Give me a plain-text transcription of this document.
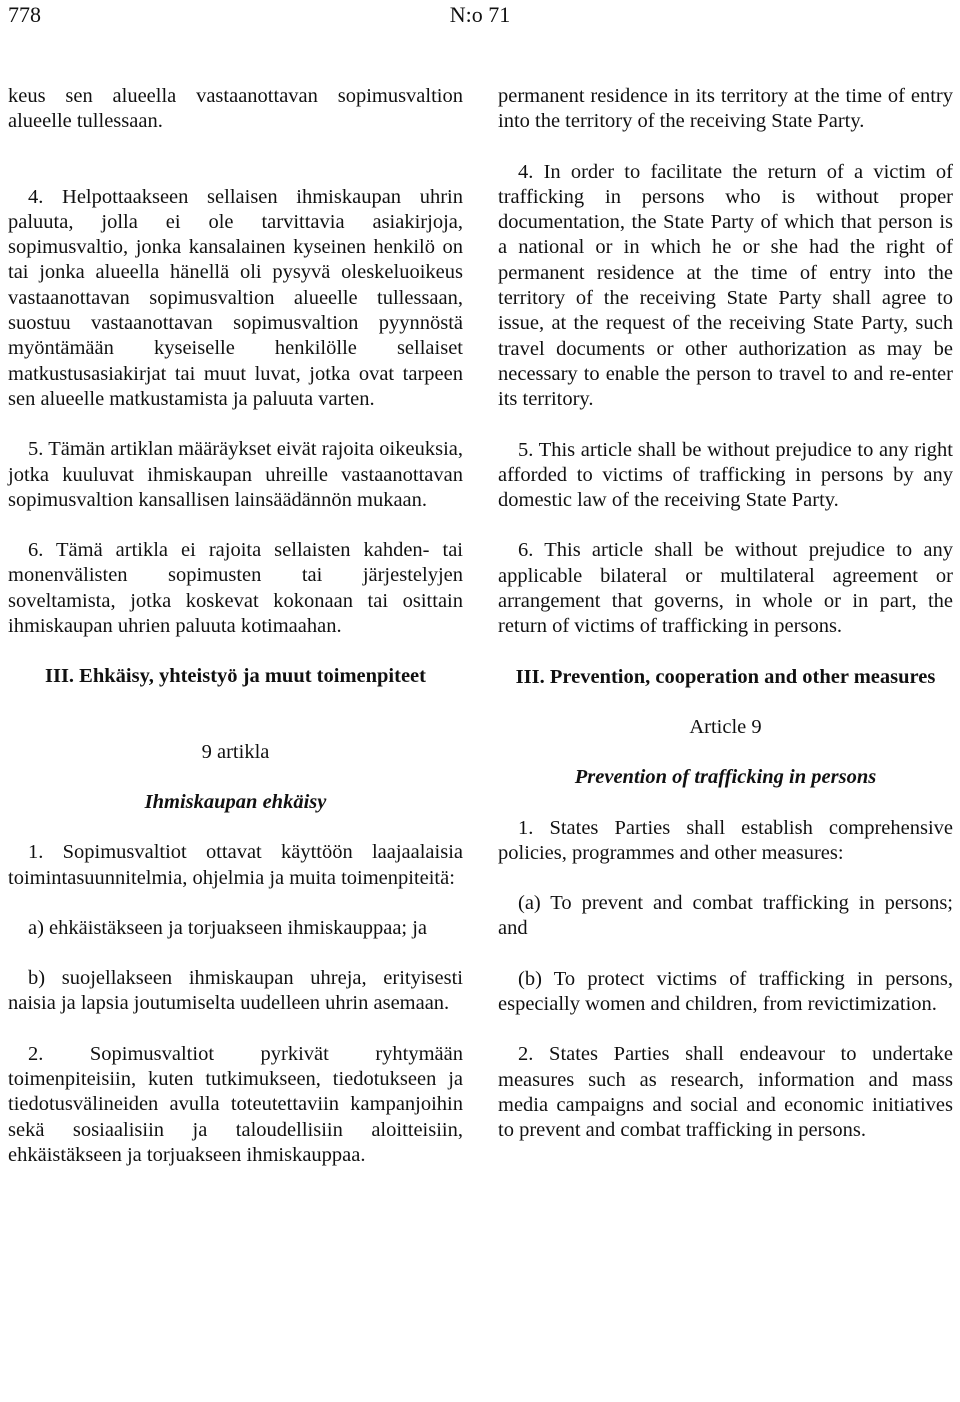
778	N:o 71

keus sen alueella vastaanottavan sopimusvaltion alueelle tullessaan.

4. Helpottaakseen sellaisen ihmiskaupan uhrin paluuta, jolla ei ole tarvittavia asiakirjoja, sopimusvaltio, jonka kansalainen kyseinen henkilö on tai jonka alueella hänellä oli pysyvä oleskeluoikeus vastaanottavan sopimusvaltion alueelle tullessaan, suostuu vastaanottavan sopimusvaltion pyynnöstä myöntämään kyseiselle henkilölle sellaiset matkustusasiakirjat tai muut luvat, jotka ovat tarpeen sen alueelle matkustamista ja paluuta varten.

5. Tämän artiklan määräykset eivät rajoita oikeuksia, jotka kuuluvat ihmiskaupan uhreille vastaanottavan sopimusvaltion kansallisen lainsäädännön mukaan.

6. Tämä artikla ei rajoita sellaisten kahden- tai monenvälisten sopimusten tai järjestelyjen soveltamista, jotka koskevat kokonaan tai osittain ihmiskaupan uhrien paluuta kotimaahan.

III. Ehkäisy, yhteistyö ja muut toimenpiteet
9 artikla
Ihmiskaupan ehkäisy

1. Sopimusvaltiot ottavat käyttöön laajaalaisia toimintasuunnitelmia, ohjelmia ja muita toimenpiteitä:

a) ehkäistäkseen ja torjuakseen ihmiskauppaa; ja

b) suojellakseen ihmiskaupan uhreja, erityisesti naisia ja lapsia joutumiselta uudelleen uhrin asemaan.

2. Sopimusvaltiot pyrkivät ryhtymään toimenpiteisiin, kuten tutkimukseen, tiedotukseen ja tiedotusvälineiden avulla toteutettaviin kampanjoihin sekä sosiaalisiin ja taloudellisiin aloitteisiin, ehkäistäkseen ja torjuakseen ihmiskauppaa.

permanent residence in its territory at the time of entry into the territory of the receiving State Party.

4. In order to facilitate the return of a victim of trafficking in persons who is without proper documentation, the State Party of which that person is a national or in which he or she had the right of permanent residence at the time of entry into the territory of the receiving State Party shall agree to issue, at the request of the receiving State Party, such travel documents or other authorization as may be necessary to enable the person to travel to and re-enter its territory.

5. This article shall be without prejudice to any right afforded to victims of trafficking in persons by any domestic law of the receiving State Party.

6. This article shall be without prejudice to any applicable bilateral or multilateral agreement or arrangement that governs, in whole or in part, the return of victims of trafficking in persons.

III. Prevention, cooperation and other measures
Article 9
Prevention of trafficking in persons

1. States Parties shall establish comprehensive policies, programmes and other measures:

(a) To prevent and combat trafficking in persons; and

(b) To protect victims of trafficking in persons, especially women and children, from revictimization.

2. States Parties shall endeavour to undertake measures such as research, information and mass media campaigns and social and economic initiatives to prevent and combat trafficking in persons.
